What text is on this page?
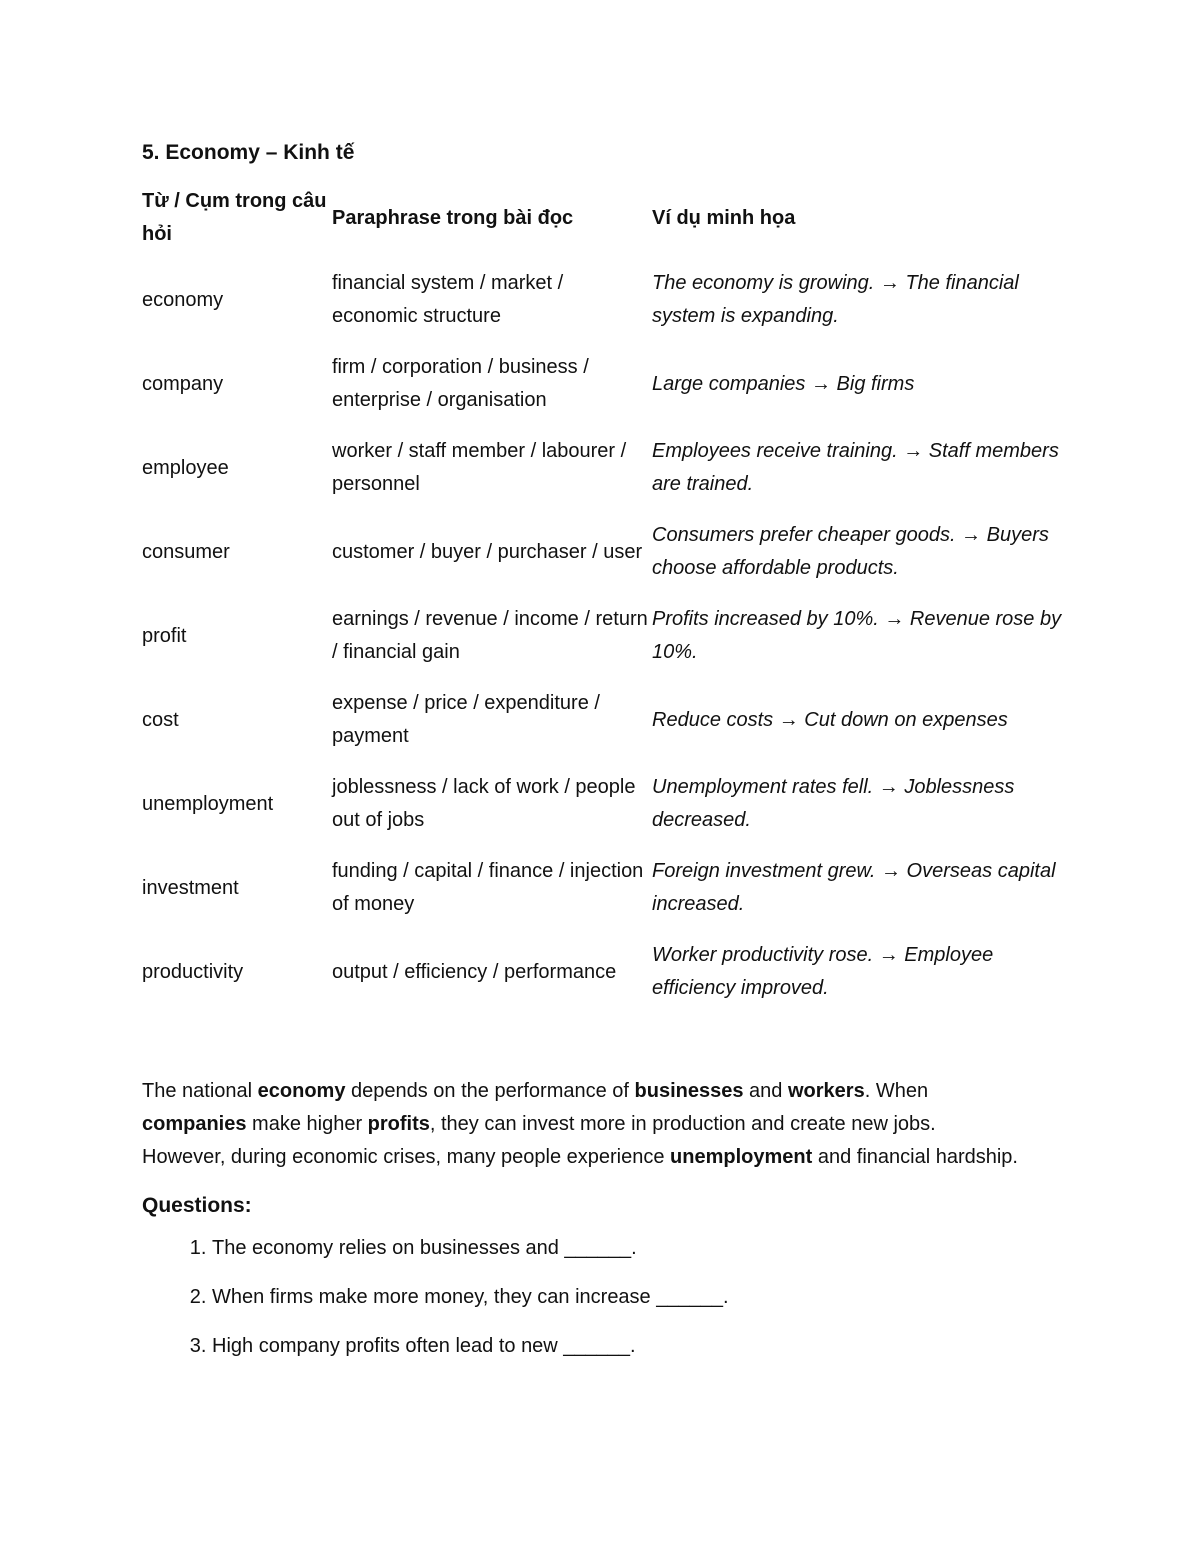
5. Economy – Kinh tế
Từ / Cụm trong câu hỏi	Paraphrase trong bài đọc	Ví dụ minh họa
economy	financial system / market / economic structure	The economy is growing. → The financial system is expanding.
company	firm / corporation / business / enterprise / organisation	Large companies → Big firms
employee	worker / staff member / labourer / personnel	Employees receive training. → Staff members are trained.
consumer	customer / buyer / purchaser / user	Consumers prefer cheaper goods. → Buyers choose affordable products.
profit	earnings / revenue / income / return / financial gain	Profits increased by 10%. → Revenue rose by 10%.
cost	expense / price / expenditure / payment	Reduce costs → Cut down on expenses
unemployment	joblessness / lack of work / people out of jobs	Unemployment rates fell. → Joblessness decreased.
investment	funding / capital / finance / injection of money	Foreign investment grew. → Overseas capital increased.
productivity	output / efficiency / performance	Worker productivity rose. → Employee efficiency improved.

The national economy depends on the performance of businesses and workers. When companies make higher profits, they can invest more in production and create new jobs. However, during economic crises, many people experience unemployment and financial hardship.

Questions:
1. The economy relies on businesses and ______.
2. When firms make more money, they can increase ______.
3. High company profits often lead to new ______.
